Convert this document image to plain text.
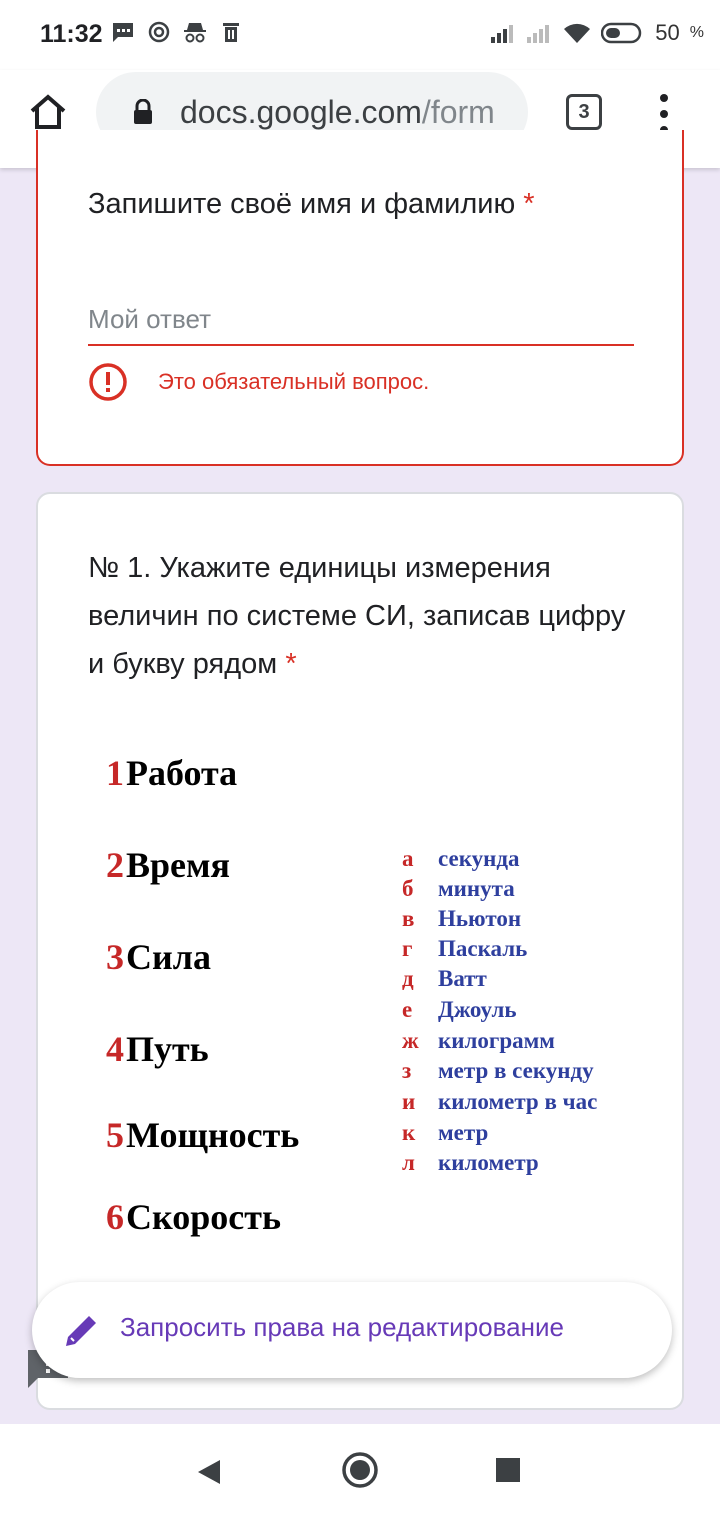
11:32	50 %
docs.google.com/form	3
Запишите своё имя и фамилию *
Мой ответ
Это обязательный вопрос.
№ 1. Укажите единицы измерения величин по системе СИ, записав цифру и букву рядом *
1 Работа
2 Время
3 Сила
4 Путь
5 Мощность
6 Скорость
а	секунда
б	минута
в	Ньютон
г	Паскаль
д	Ватт
е	Джоуль
ж килограмм
з	метр в секунду
и километр в час
к метр
л	километр
Запросить права на редактирование
